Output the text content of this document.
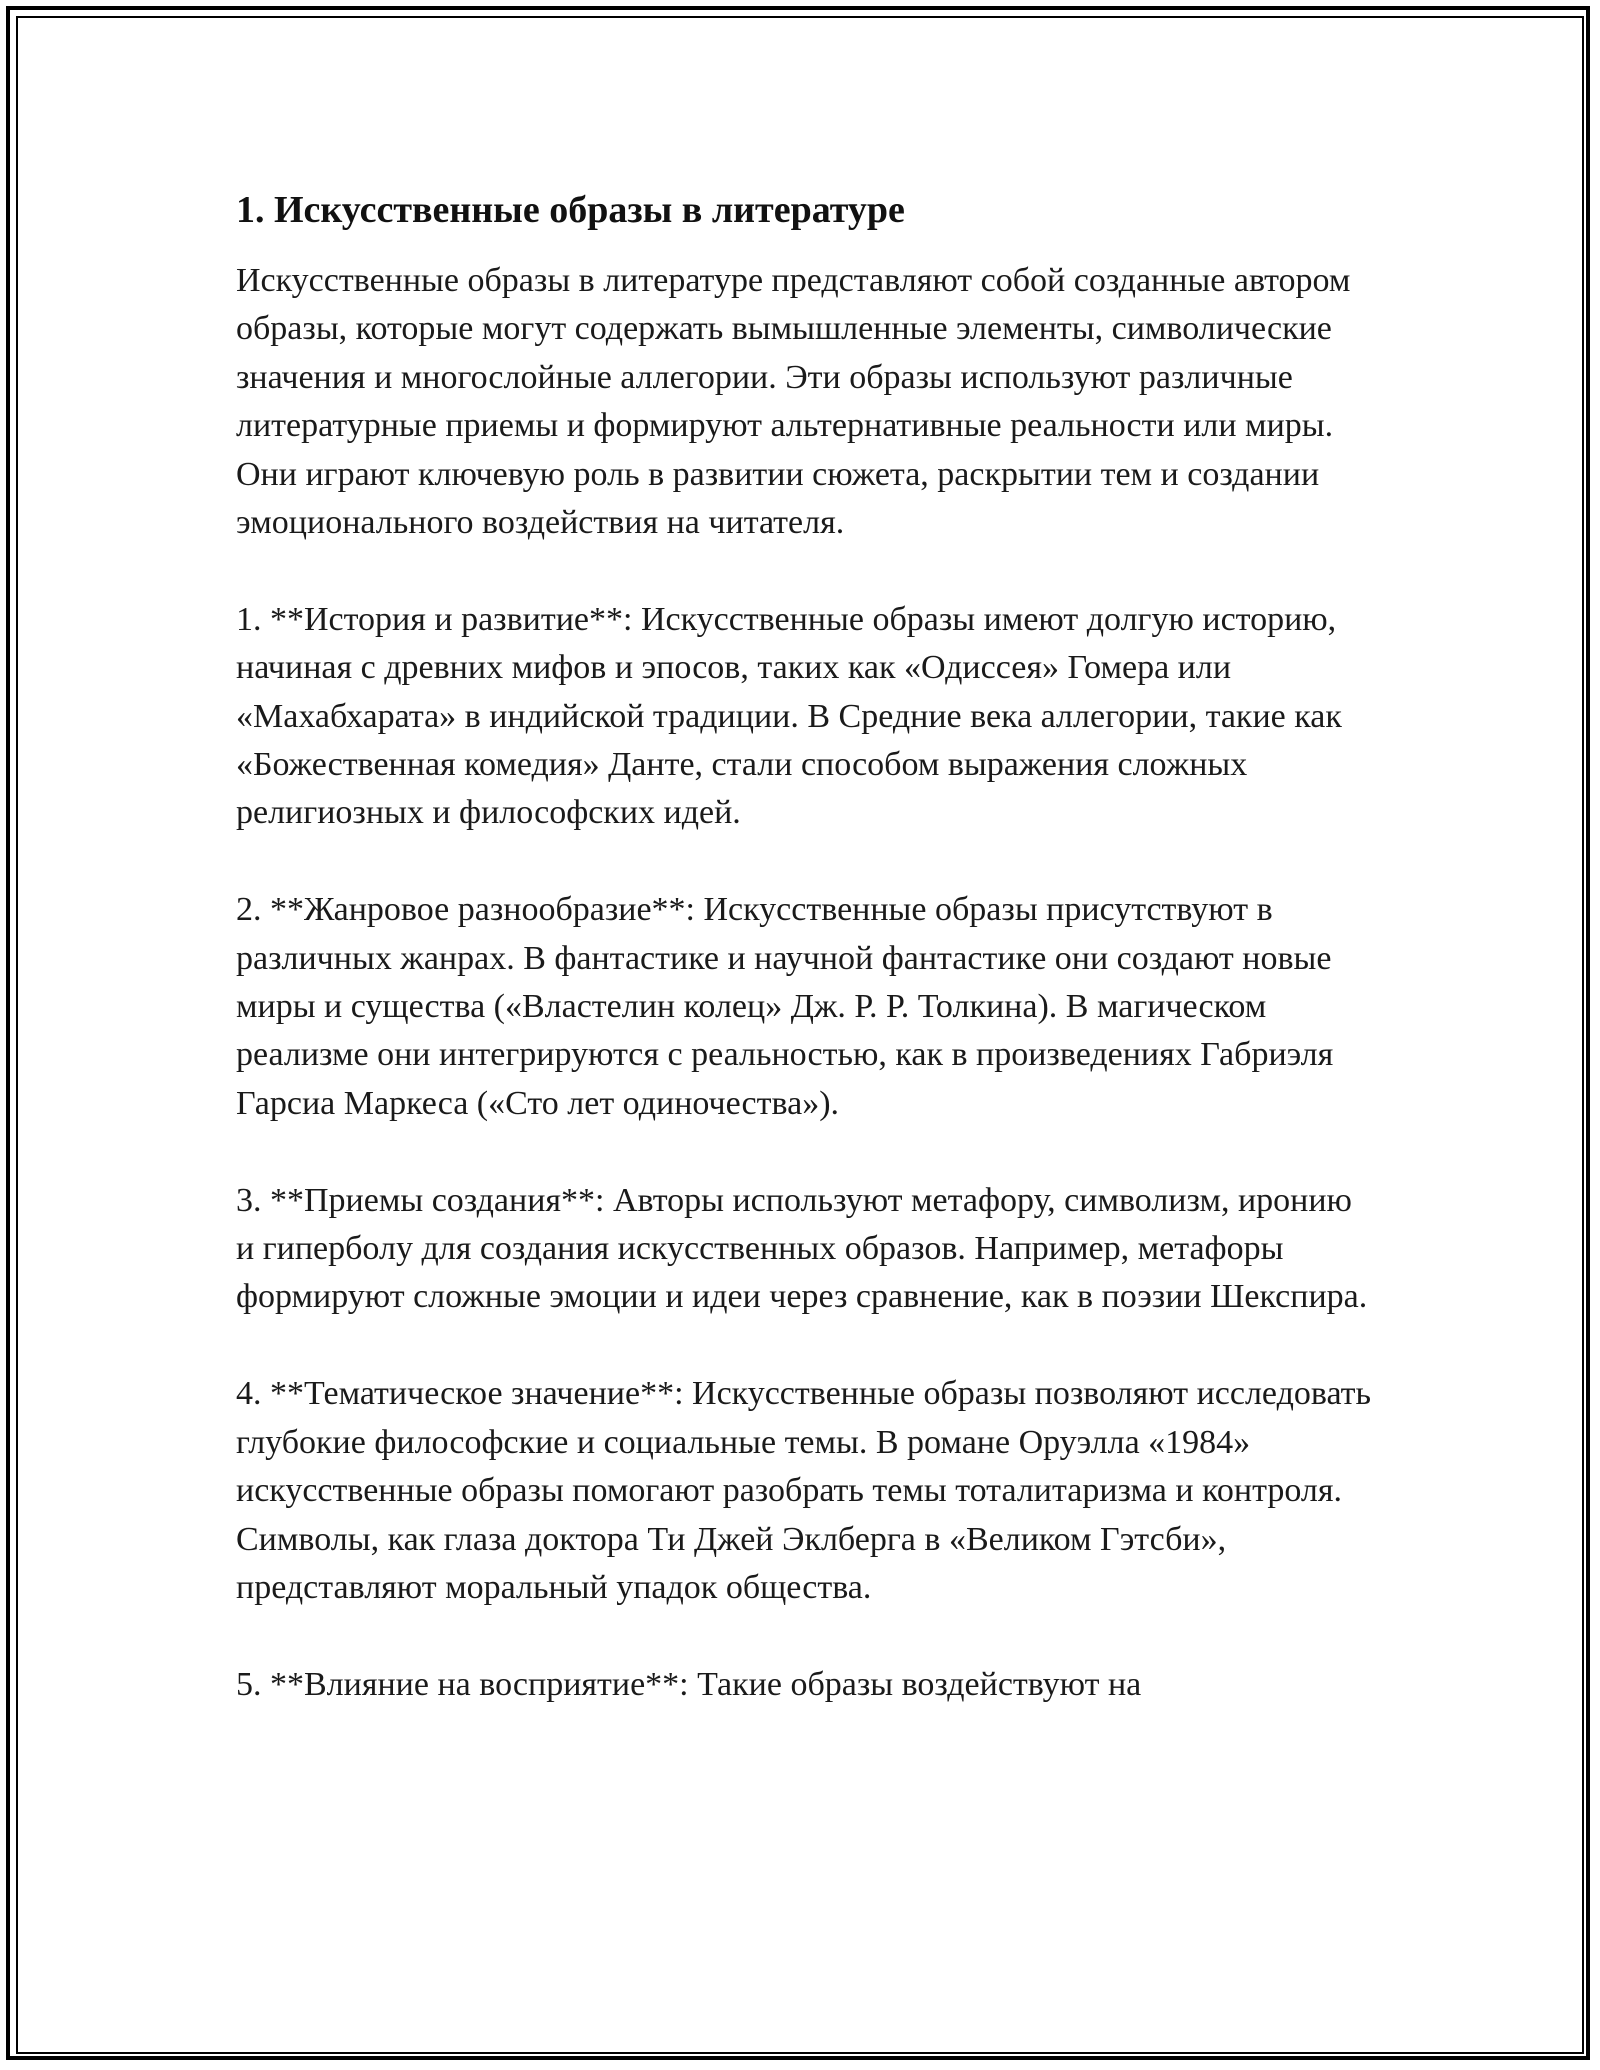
1. Искусственные образы в литературе

Искусственные образы в литературе представляют собой созданные автором образы, которые могут содержать вымышленные элементы, символические значения и многослойные аллегории. Эти образы используют различные литературные приемы и формируют альтернативные реальности или миры. Они играют ключевую роль в развитии сюжета, раскрытии тем и создании эмоционального воздействия на читателя.

1. **История и развитие**: Искусственные образы имеют долгую историю, начиная с древних мифов и эпосов, таких как «Одиссея» Гомера или «Махабхарата» в индийской традиции. В Средние века аллегории, такие как «Божественная комедия» Данте, стали способом выражения сложных религиозных и философских идей.

2. **Жанровое разнообразие**: Искусственные образы присутствуют в различных жанрах. В фантастике и научной фантастике они создают новые миры и существа («Властелин колец» Дж. Р. Р. Толкина). В магическом реализме они интегрируются с реальностью, как в произведениях Габриэля Гарсиа Маркеса («Сто лет одиночества»).

3. **Приемы создания**: Авторы используют метафору, символизм, иронию и гиперболу для создания искусственных образов. Например, метафоры формируют сложные эмоции и идеи через сравнение, как в поэзии Шекспира.

4. **Тематическое значение**: Искусственные образы позволяют исследовать глубокие философские и социальные темы. В романе Оруэлла «1984» искусственные образы помогают разобрать темы тоталитаризма и контроля. Символы, как глаза доктора Ти Джей Эклберга в «Великом Гэтсби», представляют моральный упадок общества.

5. **Влияние на восприятие**: Такие образы воздействуют на
